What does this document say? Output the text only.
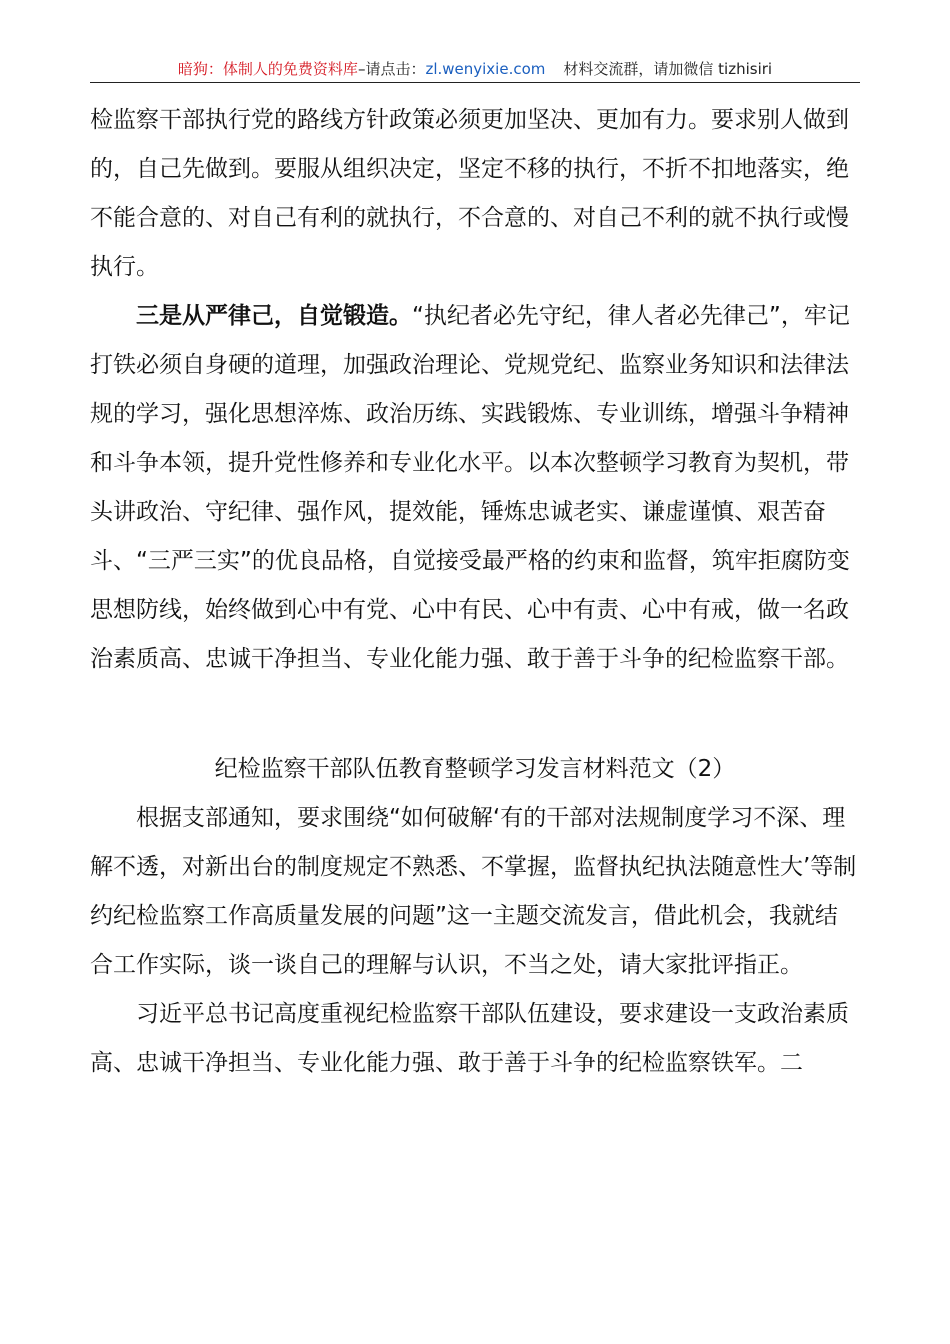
暗狗：体制人的免费资料库–请点击：zl.wenyixie.com 材料交流群，请加微信 tizhisiri

检监察干部执行党的路线方针政策必须更加坚决、更加有力。要求别人做到的，自己先做到。要服从组织决定，坚定不移的执行，不折不扣地落实，绝不能合意的、对自己有利的就执行，不合意的、对自己不利的就不执行或慢执行。

三是从严律己，自觉锻造。“执纪者必先守纪，律人者必先律己”，牢记打铁必须自身硬的道理，加强政治理论、党规党纪、监察业务知识和法律法规的学习，强化思想淬炼、政治历练、实践锻炼、专业训练，增强斗争精神和斗争本领，提升党性修养和专业化水平。以本次整顿学习教育为契机，带头讲政治、守纪律、强作风，提效能，锤炼忠诚老实、谦虚谨慎、艰苦奋斗、“三严三实”的优良品格，自觉接受最严格的约束和监督，筑牢拒腐防变思想防线，始终做到心中有党、心中有民、心中有责、心中有戒，做一名政治素质高、忠诚干净担当、专业化能力强、敢于善于斗争的纪检监察干部。

纪检监察干部队伍教育整顿学习发言材料范文（2）

根据支部通知，要求围绕“如何破解‘有的干部对法规制度学习不深、理解不透，对新出台的制度规定不熟悉、不掌握，监督执纪执法随意性大’等制约纪检监察工作高质量发展的问题”这一主题交流发言，借此机会，我就结合工作实际，谈一谈自己的理解与认识，不当之处，请大家批评指正。

习近平总书记高度重视纪检监察干部队伍建设，要求建设一支政治素质高、忠诚干净担当、专业化能力强、敢于善于斗争的纪检监察铁军。二
